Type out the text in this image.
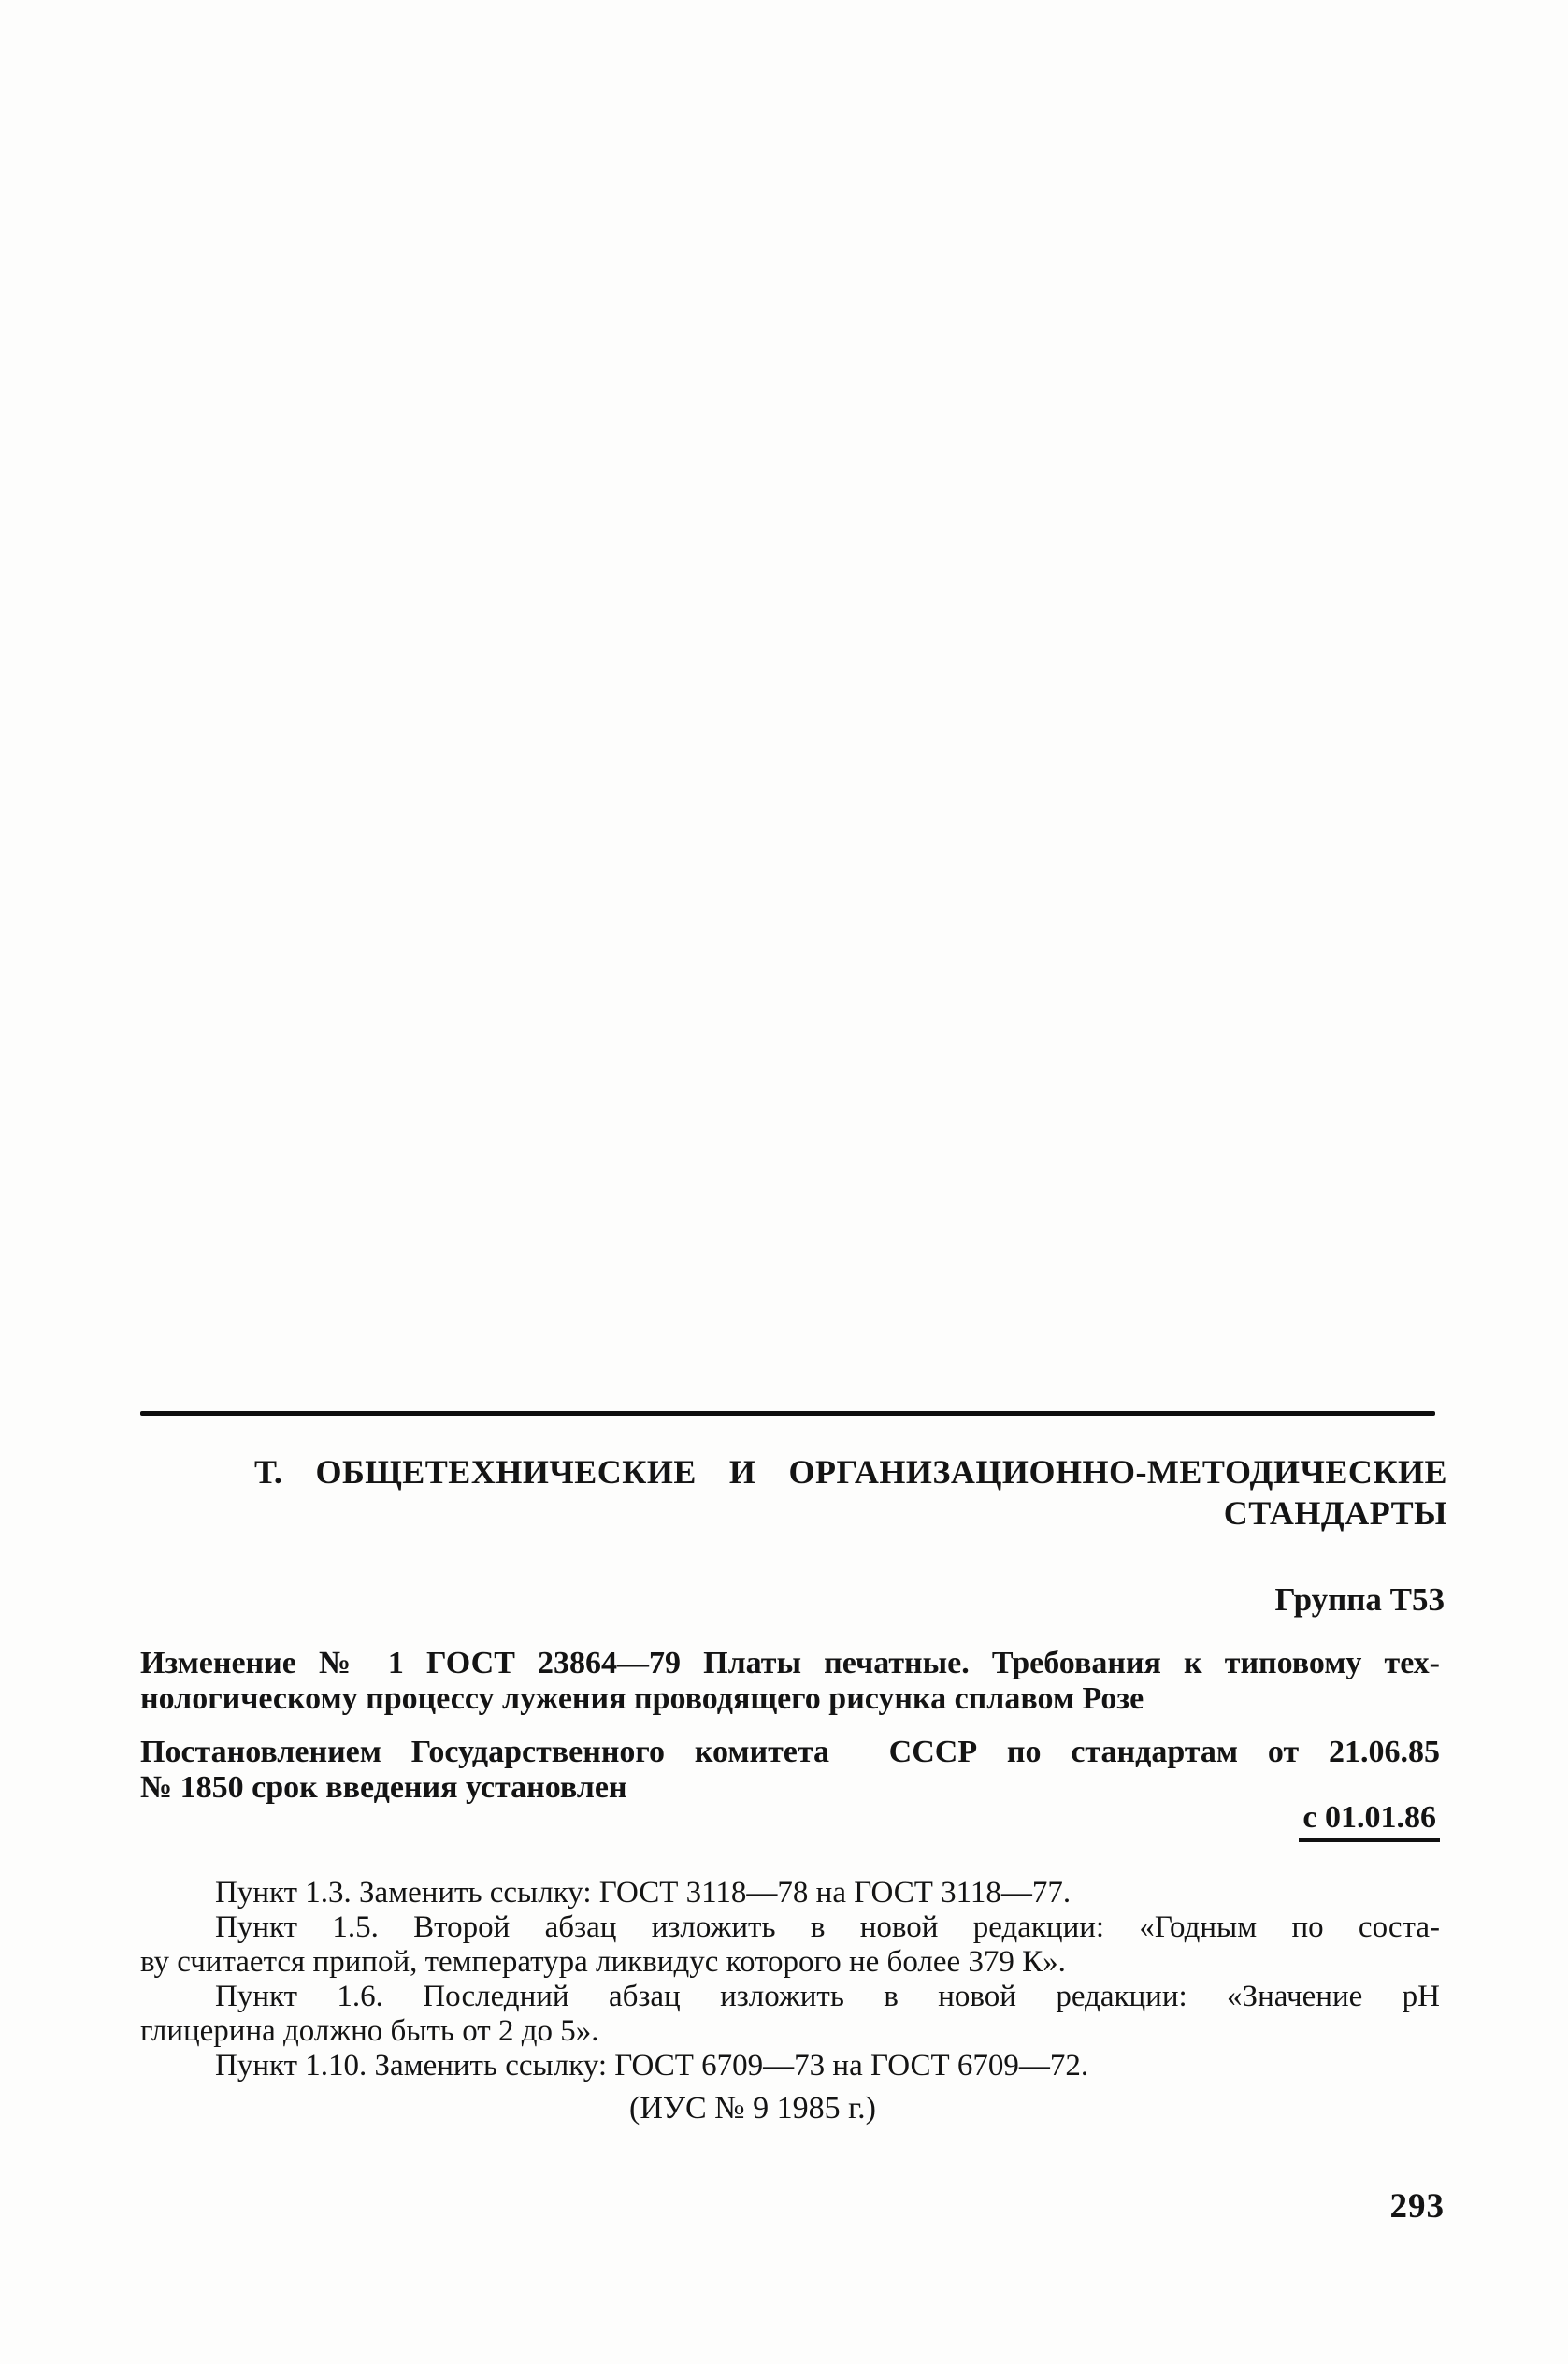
Т. ОБЩЕТЕХНИЧЕСКИЕ И ОРГАНИЗАЦИОННО-МЕТОДИЧЕСКИЕ
СТАНДАРТЫ
Группа Т53
Изменение № 1 ГОСТ 23864—79 Платы печатные. Требования к типовому тех-
нологическому процессу лужения проводящего рисунка сплавом Розе
Постановлением Государственного комитета  СССР по стандартам от 21.06.85
№ 1850 срок введения установлен
с 01.01.86
Пункт 1.3. Заменить ссылку: ГОСТ 3118—78 на ГОСТ 3118—77.
Пункт 1.5. Второй абзац изложить в новой редакции: «Годным по соста-
ву считается припой, температура ликвидус которого не более 379 К».
Пункт 1.6. Последний абзац изложить в новой редакции: «Значение рН
глицерина должно быть от 2 до 5».
Пункт 1.10. Заменить ссылку: ГОСТ 6709—73 на ГОСТ 6709—72.
(ИУС № 9 1985 г.)
293
